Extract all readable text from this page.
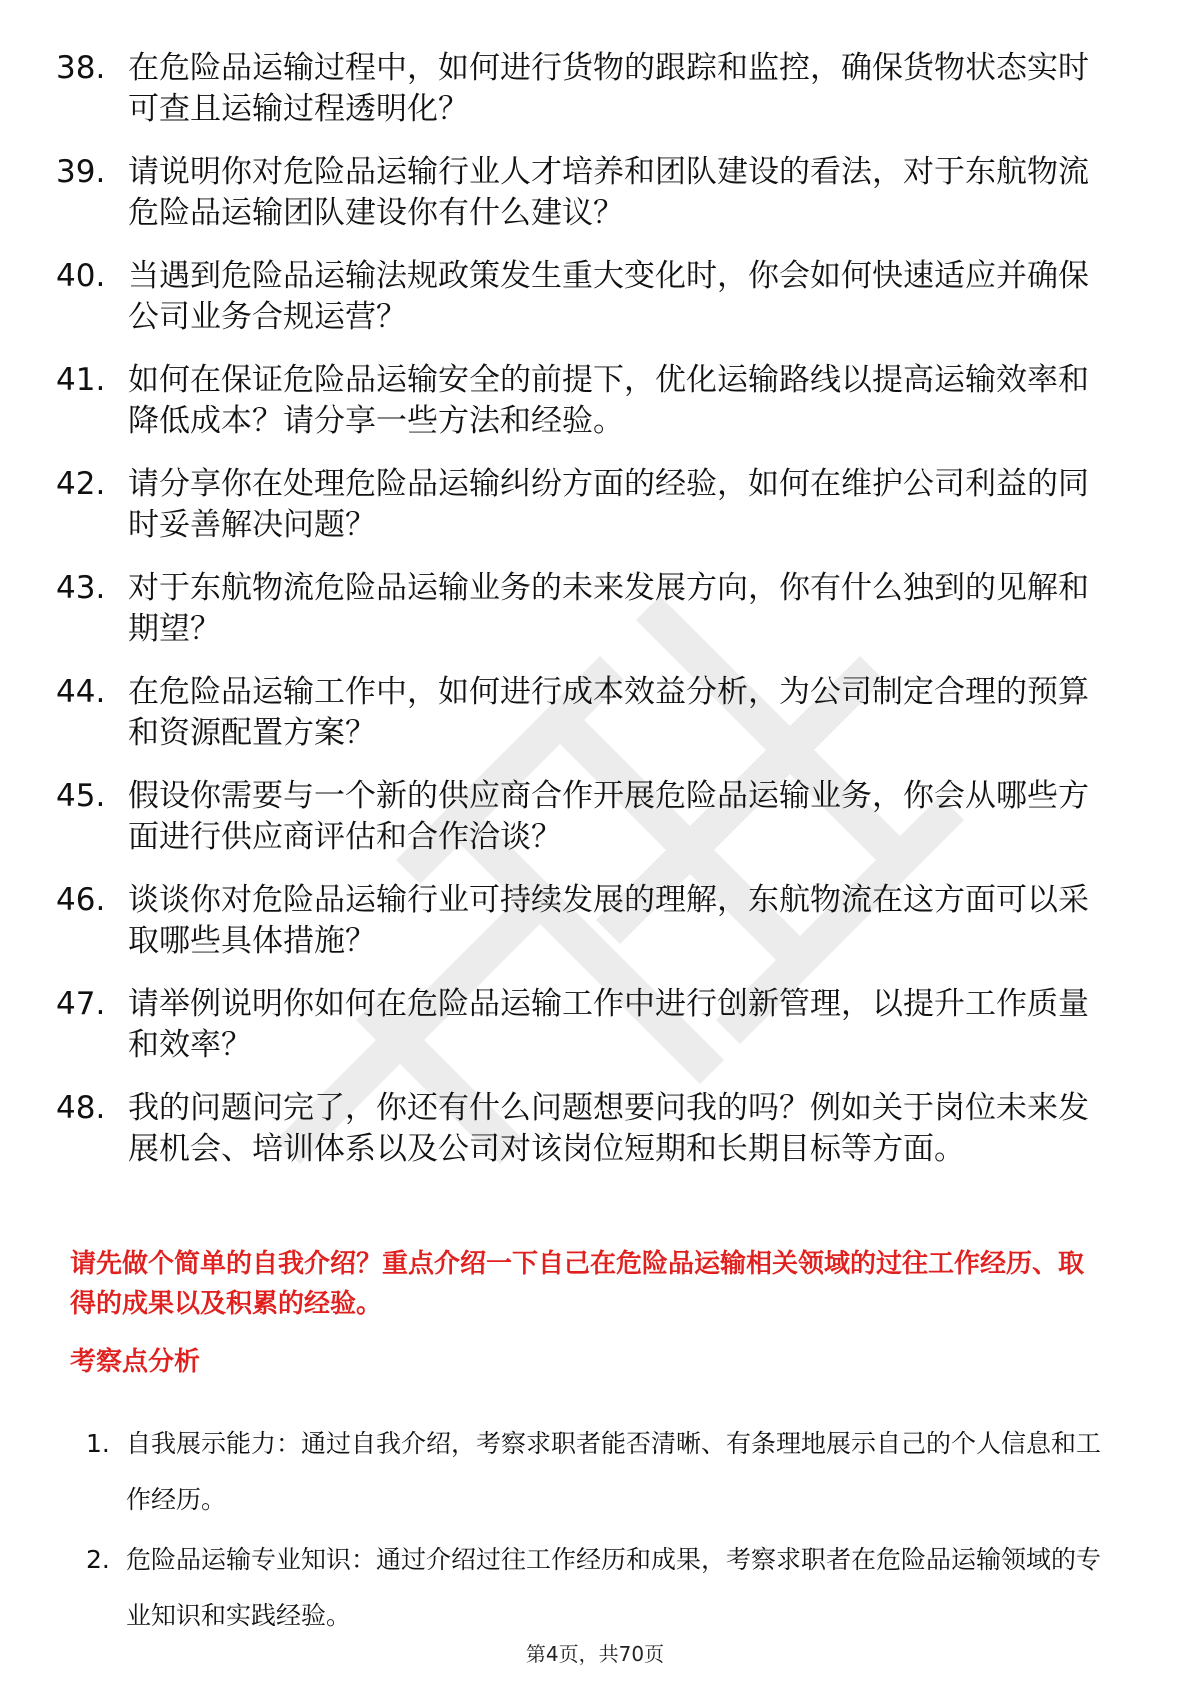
38. 在危险品运输过程中，如何进行货物的跟踪和监控，确保货物状态实时可查且运输过程透明化？
39. 请说明你对危险品运输行业人才培养和团队建设的看法，对于东航物流危险品运输团队建设你有什么建议？
40. 当遇到危险品运输法规政策发生重大变化时，你会如何快速适应并确保公司业务合规运营？
41. 如何在保证危险品运输安全的前提下，优化运输路线以提高运输效率和降低成本？请分享一些方法和经验。
42. 请分享你在处理危险品运输纠纷方面的经验，如何在维护公司利益的同时妥善解决问题？
43. 对于东航物流危险品运输业务的未来发展方向，你有什么独到的见解和期望？
44. 在危险品运输工作中，如何进行成本效益分析，为公司制定合理的预算和资源配置方案？
45. 假设你需要与一个新的供应商合作开展危险品运输业务，你会从哪些方面进行供应商评估和合作洽谈？
46. 谈谈你对危险品运输行业可持续发展的理解，东航物流在这方面可以采取哪些具体措施？
47. 请举例说明你如何在危险品运输工作中进行创新管理，以提升工作质量和效率？
48. 我的问题问完了，你还有什么问题想要问我的吗？例如关于岗位未来发展机会、培训体系以及公司对该岗位短期和长期目标等方面。
请先做个简单的自我介绍？重点介绍一下自己在危险品运输相关领域的过往工作经历、取得的成果以及积累的经验。
考察点分析
1. 自我展示能力：通过自我介绍，考察求职者能否清晰、有条理地展示自己的个人信息和工作经历。
2. 危险品运输专业知识：通过介绍过往工作经历和成果，考察求职者在危险品运输领域的专业知识和实践经验。
第4页，共70页
